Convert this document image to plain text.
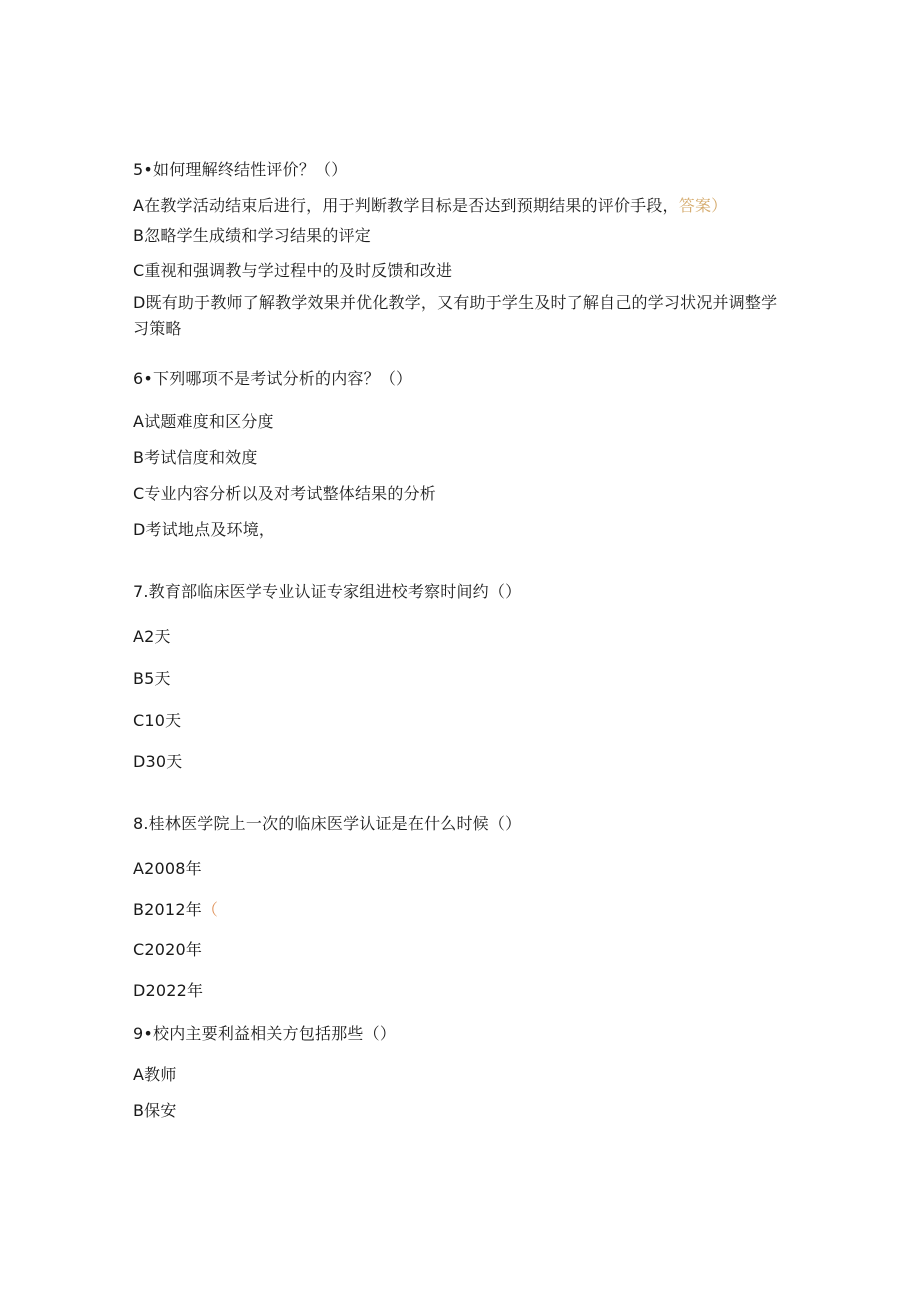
5•如何理解终结性评价？（）
A在教学活动结束后进行，用于判断教学目标是否达到预期结果的评价手段，答案）
B忽略学生成绩和学习结果的评定
C重视和强调教与学过程中的及时反馈和改进
D既有助于教师了解教学效果并优化教学，又有助于学生及时了解自己的学习状况并调整学习策略
6•下列哪项不是考试分析的内容？（）
A试题难度和区分度
B考试信度和效度
C专业内容分析以及对考试整体结果的分析
D考试地点及环境，
7.教育部临床医学专业认证专家组进校考察时间约（）
A2天
B5天
C10天
D30天
8.桂林医学院上一次的临床医学认证是在什么时候（）
A2008年
B2012年（
C2020年
D2022年
9•校内主要利益相关方包括那些（）
A教师
B保安
